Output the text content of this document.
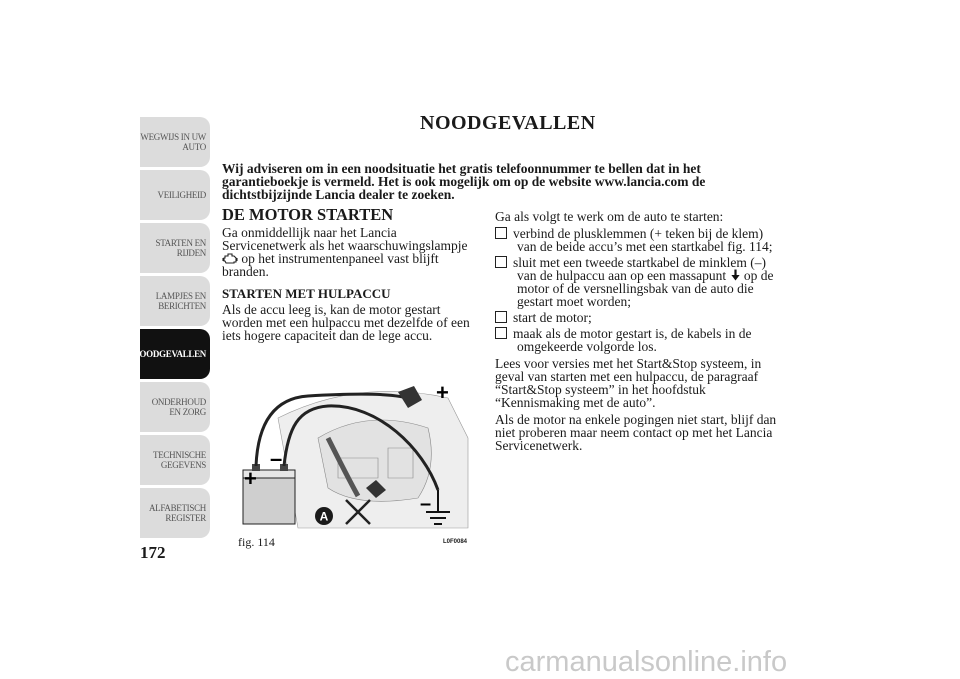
WEGWIJS IN UW AUTO
VEILIGHEID
STARTEN EN RIJDEN
LAMPJES EN BERICHTEN
NOODGEVALLEN
ONDERHOUD EN ZORG
TECHNISCHE GEGEVENS
ALFABETISCH REGISTER
172
NOODGEVALLEN
Wij adviseren om in een noodsituatie het gratis telefoonnummer te bellen dat in het garantieboekje is vermeld. Het is ook mogelijk om op de website www.lancia.com de dichtstbijzijnde Lancia dealer te zoeken.
DE MOTOR STARTEN

Ga onmiddellijk naar het Lancia Servicenetwerk als het waarschuwingslampje  op het instrumentenpaneel vast blijft branden.

STARTEN MET HULPACCU

Als de accu leeg is, kan de motor gestart worden met een hulpaccu met dezelfde of een iets hogere capaciteit dan de lege accu.

Ga als volgt te werk om de auto te starten:

verbind de plusklemmen (+ teken bij de klem) van de beide accu’s met een startkabel fig. 114;
sluit met een tweede startkabel de minklem (–) van de hulpaccu aan op een massapunt op de motor of de versnellingsbak van de auto die gestart moet worden;
start de motor;
maak als de motor gestart is, de kabels in de omgekeerde volgorde los.

Lees voor versies met het Start&Stop systeem, in geval van starten met een hulpaccu, de paragraaf “Start&Stop systeem” in het hoofdstuk “Kennismaking met de auto”.

Als de motor na enkele pogingen niet start, blijf dan niet proberen maar neem contact op met het Lancia Servicenetwerk.

A
+
+
–
–
fig. 114	L0F0084
carmanualsonline.info
